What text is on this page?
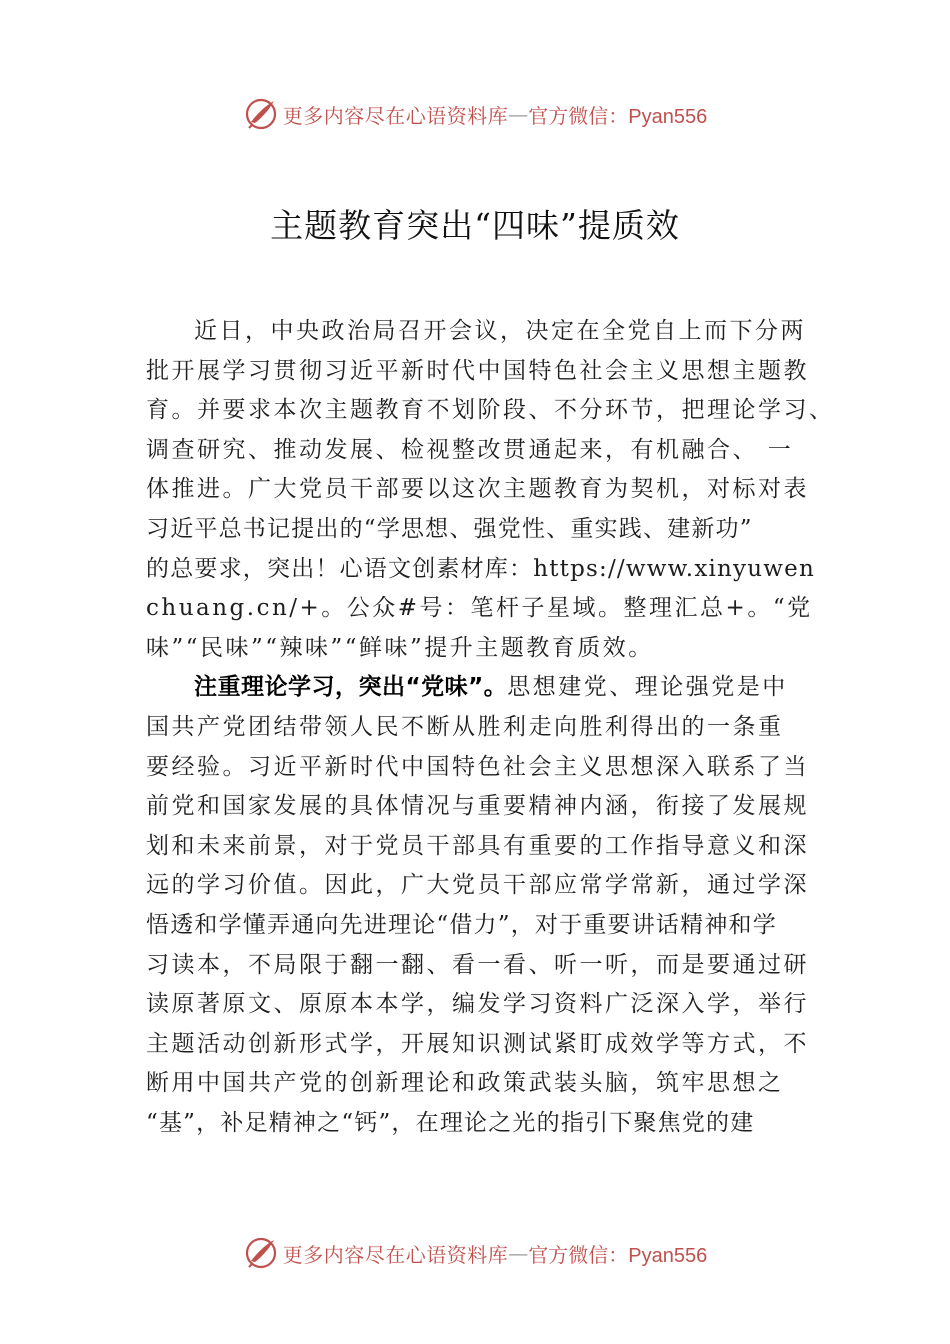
更多内容尽在心语资料库 — 官方微信：Pyan556
主题教育突出“四味”提质效
近日，中央政治局召开会议，决定在全党自上而下分两
批开展学习贯彻习近平新时代中国特色社会主义思想主题教
育。并要求本次主题教育不划阶段、不分环节，把理论学习、
调查研究、推动发展、检视整改贯通起来，有机融合、 一
体推进。广大党员干部要以这次主题教育为契机，对标对表
习近平总书记提出的“学思想、强党性、重实践、建新功”
的总要求，突出！心语文创素材库：https://www.xinyuwen
chuang.cn/+。公众#号：笔杆子星域。整理汇总+。“党
味”“民味”“辣味”“鲜味”提升主题教育质效。
注重理论学习，突出“党味”。思想建党、理论强党是中
国共产党团结带领人民不断从胜利走向胜利得出的一条重
要经验。习近平新时代中国特色社会主义思想深入联系了当
前党和国家发展的具体情况与重要精神内涵，衔接了发展规
划和未来前景，对于党员干部具有重要的工作指导意义和深
远的学习价值。因此，广大党员干部应常学常新，通过学深
悟透和学懂弄通向先进理论“借力”，对于重要讲话精神和学
习读本，不局限于翻一翻、看一看、听一听，而是要通过研
读原著原文、原原本本学，编发学习资料广泛深入学，举行
主题活动创新形式学，开展知识测试紧盯成效学等方式，不
断用中国共产党的创新理论和政策武装头脑，筑牢思想之
“基”，补足精神之“钙”，在理论之光的指引下聚焦党的建
更多内容尽在心语资料库 — 官方微信：Pyan556
